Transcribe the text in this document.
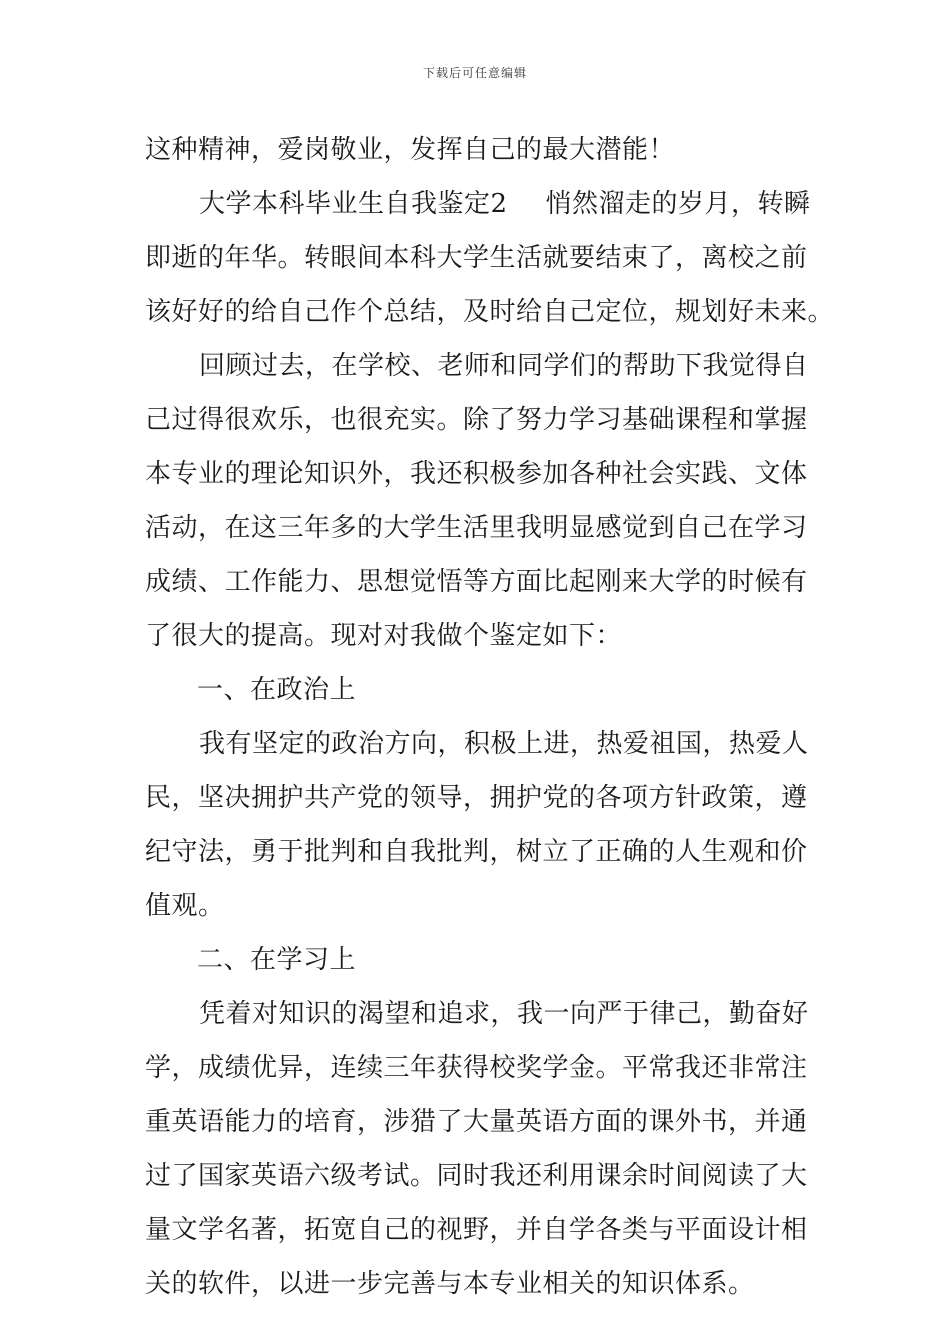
下载后可任意编辑
这种精神，爱岗敬业，发挥自己的最大潜能！
大学本科毕业生自我鉴定2 悄然溜走的岁月，转瞬
即逝的年华。转眼间本科大学生活就要结束了，离校之前
该好好的给自己作个总结，及时给自己定位，规划好未来。
回顾过去，在学校、老师和同学们的帮助下我觉得自
己过得很欢乐，也很充实。除了努力学习基础课程和掌握
本专业的理论知识外，我还积极参加各种社会实践、文体
活动，在这三年多的大学生活里我明显感觉到自己在学习
成绩、工作能力、思想觉悟等方面比起刚来大学的时候有
了很大的提高。现对对我做个鉴定如下：
一、在政治上
我有坚定的政治方向，积极上进，热爱祖国，热爱人
民，坚决拥护共产党的领导，拥护党的各项方针政策，遵
纪守法，勇于批判和自我批判，树立了正确的人生观和价
值观。
二、在学习上
凭着对知识的渴望和追求，我一向严于律己，勤奋好
学，成绩优异，连续三年获得校奖学金。平常我还非常注
重英语能力的培育，涉猎了大量英语方面的课外书，并通
过了国家英语六级考试。同时我还利用课余时间阅读了大
量文学名著，拓宽自己的视野，并自学各类与平面设计相
关的软件，以进一步完善与本专业相关的知识体系。
